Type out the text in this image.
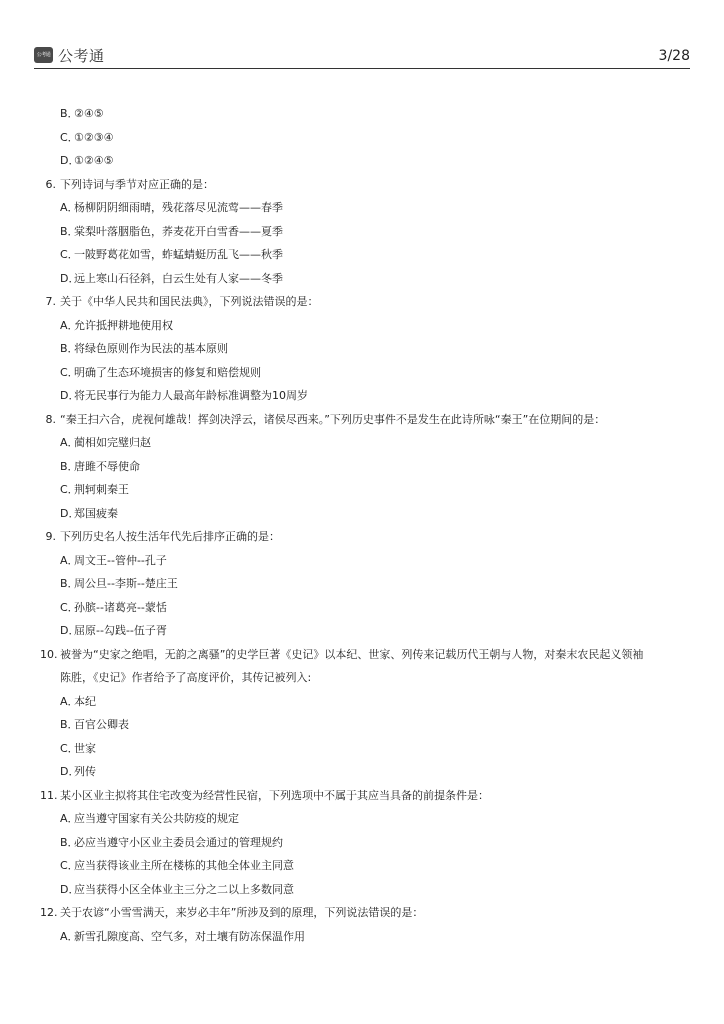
公考通 公考通	3/28
B．②④⑤
C．①②③④
D．①②④⑤
6. 下列诗词与季节对应正确的是：
A．杨柳阴阴细雨晴，残花落尽见流莺——春季
B．棠梨叶落胭脂色，荞麦花开白雪香——夏季
C．一陂野葛花如雪，蚱蜢蜻蜓历乱飞——秋季
D．远上寒山石径斜，白云生处有人家——冬季
7. 关于《中华人民共和国民法典》，下列说法错误的是：
A．允许抵押耕地使用权
B．将绿色原则作为民法的基本原则
C．明确了生态环境损害的修复和赔偿规则
D．将无民事行为能力人最高年龄标准调整为10周岁
8. “秦王扫六合，虎视何雄哉！挥剑决浮云，诸侯尽西来。”下列历史事件不是发生在此诗所咏“秦王”在位期间的是：
A．蔺相如完璧归赵
B．唐雎不辱使命
C．荆轲刺秦王
D．郑国疲秦
9. 下列历史名人按生活年代先后排序正确的是：
A．周文王--管仲--孔子
B．周公旦--李斯--楚庄王
C．孙膑--诸葛亮--蒙恬
D．屈原--勾践--伍子胥
10. 被誉为“史家之绝唱，无韵之离骚”的史学巨著《史记》以本纪、世家、列传来记载历代王朝与人物，对秦末农民起义领袖
陈胜，《史记》作者给予了高度评价，其传记被列入:
A．本纪
B．百官公卿表
C．世家
D．列传
11. 某小区业主拟将其住宅改变为经营性民宿，下列选项中不属于其应当具备的前提条件是：
A．应当遵守国家有关公共防疫的规定
B．必应当遵守小区业主委员会通过的管理规约
C．应当获得该业主所在楼栋的其他全体业主同意
D．应当获得小区全体业主三分之二以上多数同意
12. 关于农谚“小雪雪满天，来岁必丰年”所涉及到的原理，下列说法错误的是：
A．新雪孔隙度高、空气多，对土壤有防冻保温作用
